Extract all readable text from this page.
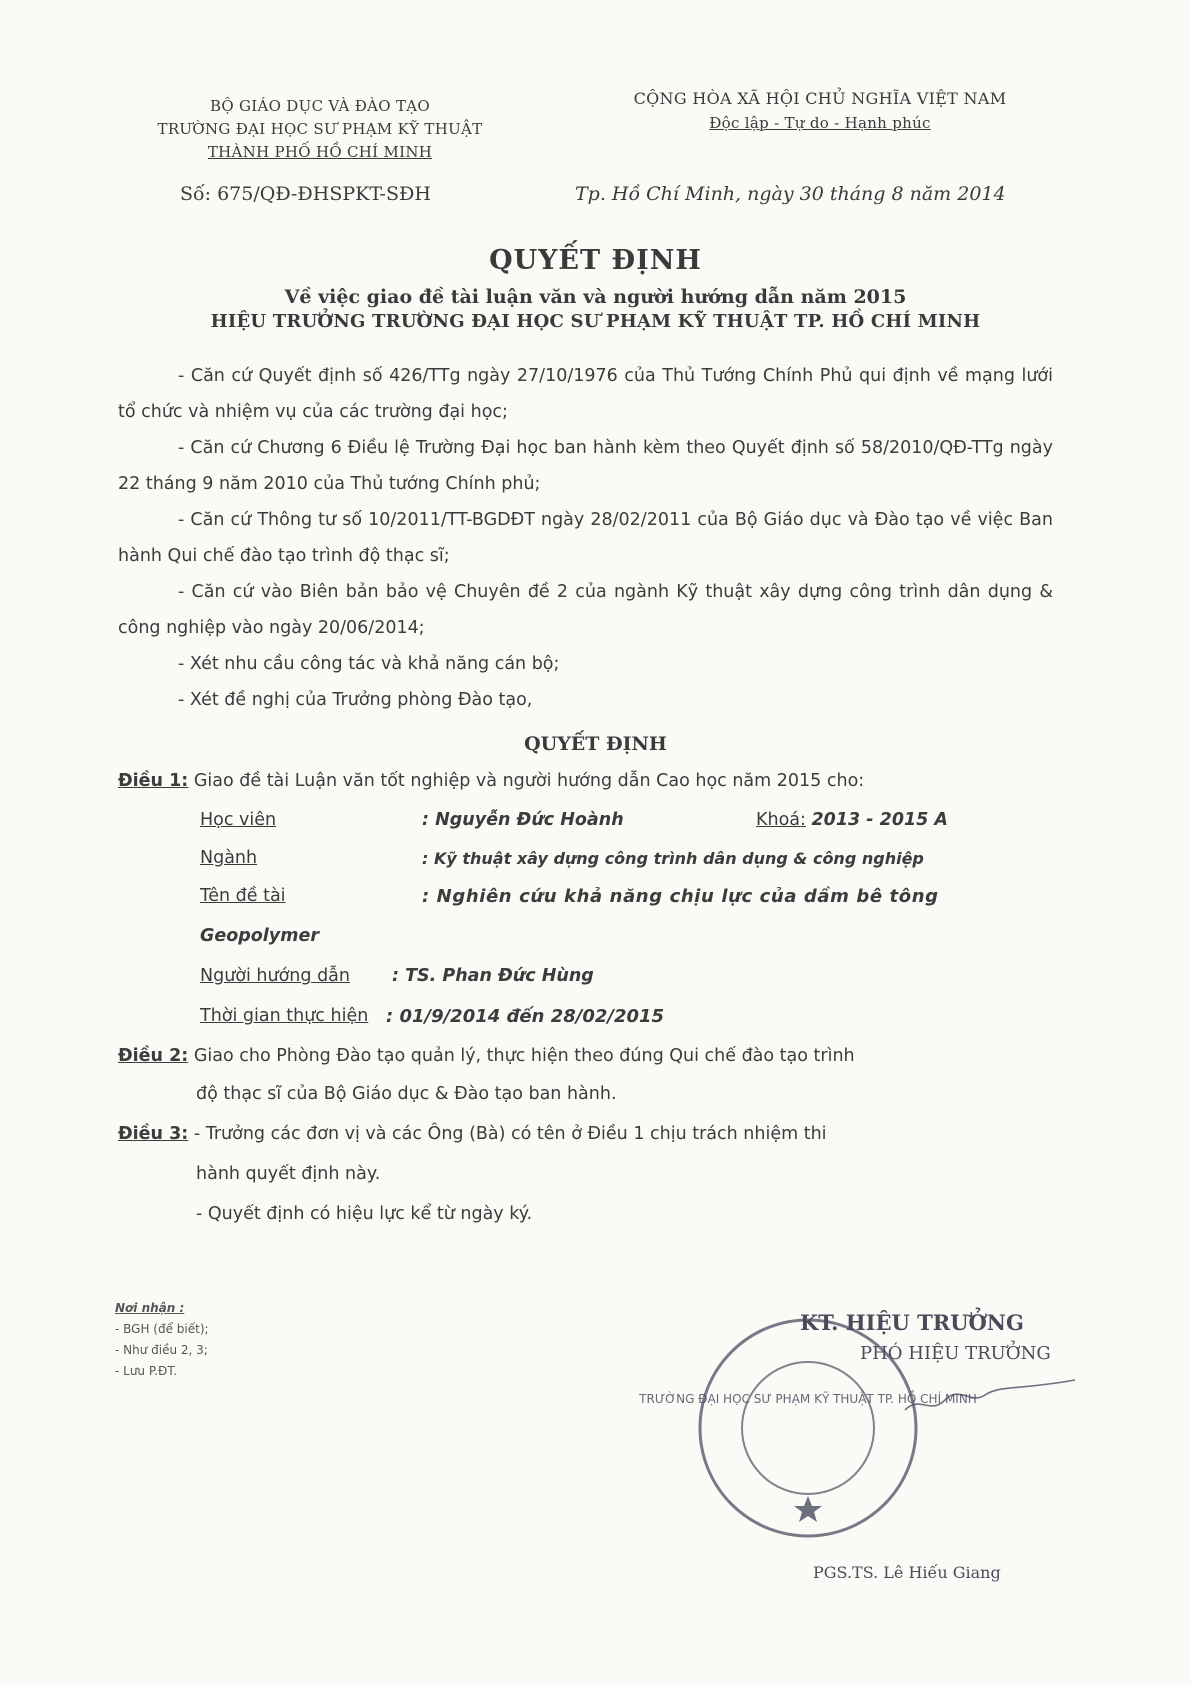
BỘ GIÁO DỤC VÀ ĐÀO TẠO
TRƯỜNG ĐẠI HỌC SƯ PHẠM KỸ THUẬT
THÀNH PHỐ HỒ CHÍ MINH
CỘNG HÒA XÃ HỘI CHỦ NGHĨA VIỆT NAM
Độc lập - Tự do - Hạnh phúc
Số: 675/QĐ-ĐHSPKT-SĐH	Tp. Hồ Chí Minh, ngày 30 tháng 8 năm 2014
QUYẾT ĐỊNH
Về việc giao đề tài luận văn và người hướng dẫn năm 2015
HIỆU TRƯỞNG TRƯỜNG ĐẠI HỌC SƯ PHẠM KỸ THUẬT TP. HỒ CHÍ MINH
- Căn cứ Quyết định số 426/TTg ngày 27/10/1976 của Thủ Tướng Chính Phủ qui định về mạng lưới tổ chức và nhiệm vụ của các trường đại học;
- Căn cứ Chương 6 Điều lệ Trường Đại học ban hành kèm theo Quyết định số 58/2010/QĐ-TTg ngày 22 tháng 9 năm 2010 của Thủ tướng Chính phủ;
- Căn cứ Thông tư số 10/2011/TT-BGDĐT ngày 28/02/2011 của Bộ Giáo dục và Đào tạo về việc Ban hành Qui chế đào tạo trình độ thạc sĩ;
- Căn cứ vào Biên bản bảo vệ Chuyên đề 2 của ngành Kỹ thuật xây dựng công trình dân dụng & công nghiệp vào ngày 20/06/2014;
- Xét nhu cầu công tác và khả năng cán bộ;
- Xét đề nghị của Trưởng phòng Đào tạo,
QUYẾT ĐỊNH
Điều 1: Giao đề tài Luận văn tốt nghiệp và người hướng dẫn Cao học năm 2015 cho:
Học viên	: Nguyễn Đức Hoành	Khoá: 2013 - 2015 A
Ngành	: Kỹ thuật xây dựng công trình dân dụng & công nghiệp
Tên đề tài	: Nghiên cứu khả năng chịu lực của dầm bê tông
Geopolymer
Người hướng dẫn : TS. Phan Đức Hùng
Thời gian thực hiện : 01/9/2014 đến 28/02/2015
Điều 2: Giao cho Phòng Đào tạo quản lý, thực hiện theo đúng Qui chế đào tạo trình
độ thạc sĩ của Bộ Giáo dục & Đào tạo ban hành.
Điều 3: - Trưởng các đơn vị và các Ông (Bà) có tên ở Điều 1 chịu trách nhiệm thi
hành quyết định này.
- Quyết định có hiệu lực kể từ ngày ký.
Nơi nhận :
- BGH (để biết);
- Như điều 2, 3;
- Lưu P.ĐT.
TRƯỜNG ĐẠI HỌC SƯ PHẠM KỸ THUẬT TP. HỒ CHÍ MINH
KT. HIỆU TRƯỞNG
PHÓ HIỆU TRƯỞNG
PGS.TS. Lê Hiếu Giang
